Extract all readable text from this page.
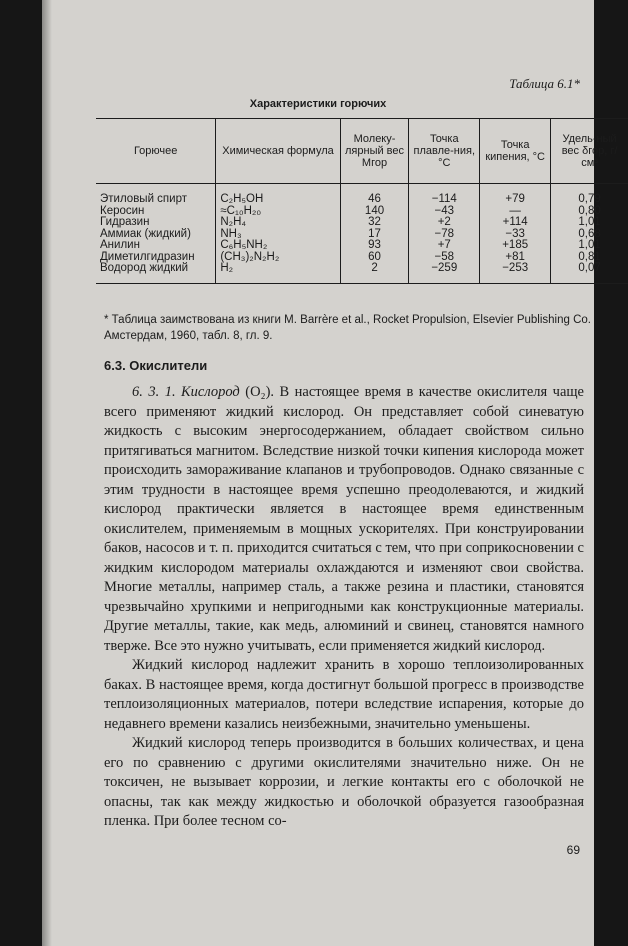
Таблица 6.1*
Характеристики горючих
Горючее	Химическая формула	Молеку-лярный вес Mгор	Точка плавле-ния, °С	Точка кипения, °С	Удель-ный вес δгор, г/см³

Этиловый спирт	C₂H₅OH	46	−114	+79	0,79
Керосин	≈C₁₀H₂₀	140	−43	—	0,80
Гидразин	N₂H₄	32	+2	+114	1,01
Аммиак (жидкий)	NH₃	17	−78	−33	0,68
Анилин	C₆H₅NH₂	93	+7	+185	1,01
Диметилгидразин	(CH₃)₂N₂H₂	60	−58	+81	0,81
Водород жидкий	H₂	2	−259	−253	0,07
* Таблица заимствована из книги M. Barrère et al., Rocket Propulsion, Elsevier Publishing Co. Амстердам, 1960, табл. 8, гл. 9.
6.3. Окислители

6. 3. 1. Кислород (O₂). В настоящее время в качестве окислителя чаще всего применяют жидкий кислород. Он представляет собой синеватую жидкость с высоким энергосодержанием, обладает свойством сильно притягиваться магнитом. Вследствие низкой точки кипения кислорода может происходить замораживание клапанов и трубопроводов. Однако связанные с этим трудности в настоящее время успешно преодолеваются, и жидкий кислород практически является в настоящее время единственным окислителем, применяемым в мощных ускорителях. При конструировании баков, насосов и т. п. приходится считаться с тем, что при соприкосновении с жидким кислородом материалы охлаждаются и изменяют свои свойства. Многие металлы, например сталь, а также резина и пластики, становятся чрезвычайно хрупкими и непригодными как конструкционные материалы. Другие металлы, такие, как медь, алюминий и свинец, становятся намного тверже. Все это нужно учитывать, если применяется жидкий кислород.

Жидкий кислород надлежит хранить в хорошо теплоизолированных баках. В настоящее время, когда достигнут большой прогресс в производстве теплоизоляционных материалов, потери вследствие испарения, которые до недавнего времени казались неизбежными, значительно уменьшены.

Жидкий кислород теперь производится в больших количествах, и цена его по сравнению с другими окислителями значительно ниже. Он не токсичен, не вызывает коррозии, и легкие контакты его с оболочкой не опасны, так как между жидкостью и оболочкой образуется газообразная пленка. При более тесном со-

69
